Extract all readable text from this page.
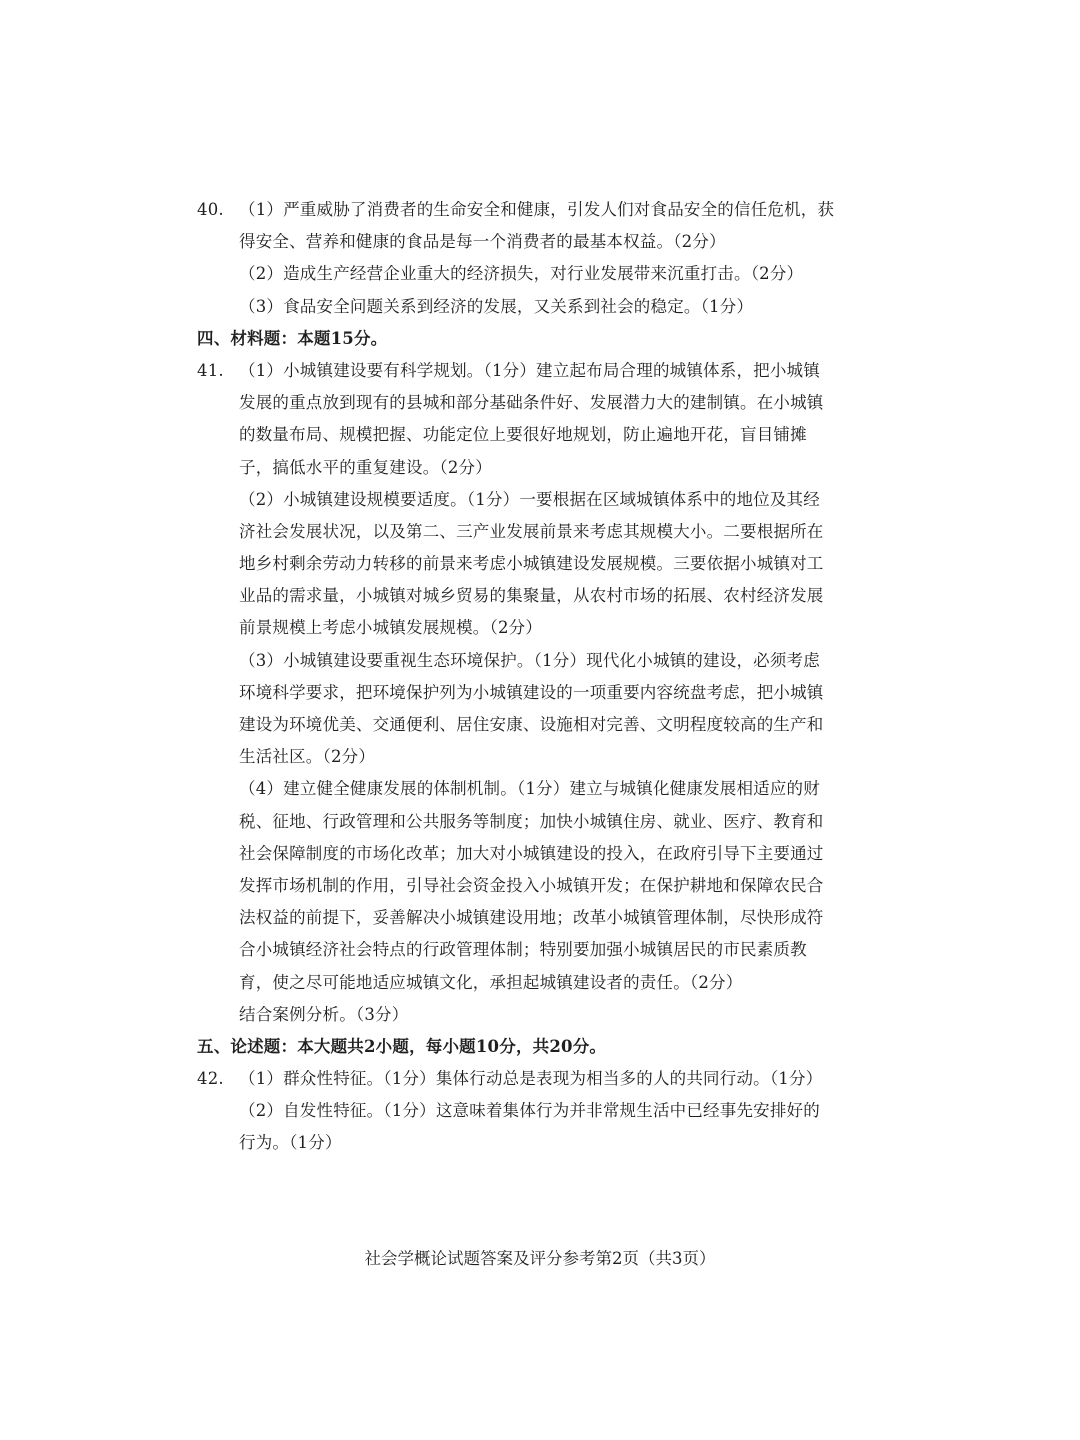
40. （1）严重威胁了消费者的生命安全和健康，引发人们对食品安全的信任危机，获
得安全、营养和健康的食品是每一个消费者的最基本权益。（2分）
（2）造成生产经营企业重大的经济损失，对行业发展带来沉重打击。（2分）
（3）食品安全问题关系到经济的发展，又关系到社会的稳定。（1分）
四、材料题：本题15分。
41. （1）小城镇建设要有科学规划。（1分）建立起布局合理的城镇体系，把小城镇
发展的重点放到现有的县城和部分基础条件好、发展潜力大的建制镇。在小城镇
的数量布局、规模把握、功能定位上要很好地规划，防止遍地开花，盲目铺摊
子，搞低水平的重复建设。（2分）
（2）小城镇建设规模要适度。（1分）一要根据在区域城镇体系中的地位及其经
济社会发展状况，以及第二、三产业发展前景来考虑其规模大小。二要根据所在
地乡村剩余劳动力转移的前景来考虑小城镇建设发展规模。三要依据小城镇对工
业品的需求量，小城镇对城乡贸易的集聚量，从农村市场的拓展、农村经济发展
前景规模上考虑小城镇发展规模。（2分）
（3）小城镇建设要重视生态环境保护。（1分）现代化小城镇的建设，必须考虑
环境科学要求，把环境保护列为小城镇建设的一项重要内容统盘考虑，把小城镇
建设为环境优美、交通便利、居住安康、设施相对完善、文明程度较高的生产和
生活社区。（2分）
（4）建立健全健康发展的体制机制。（1分）建立与城镇化健康发展相适应的财
税、征地、行政管理和公共服务等制度；加快小城镇住房、就业、医疗、教育和
社会保障制度的市场化改革；加大对小城镇建设的投入，在政府引导下主要通过
发挥市场机制的作用，引导社会资金投入小城镇开发；在保护耕地和保障农民合
法权益的前提下，妥善解决小城镇建设用地；改革小城镇管理体制，尽快形成符
合小城镇经济社会特点的行政管理体制；特别要加强小城镇居民的市民素质教
育，使之尽可能地适应城镇文化，承担起城镇建设者的责任。（2分）
结合案例分析。（3分）
五、论述题：本大题共2小题，每小题10分，共20分。
42. （1）群众性特征。（1分）集体行动总是表现为相当多的人的共同行动。（1分）
（2）自发性特征。（1分）这意味着集体行为并非常规生活中已经事先安排好的
行为。（1分）
社会学概论试题答案及评分参考第2页（共3页）
